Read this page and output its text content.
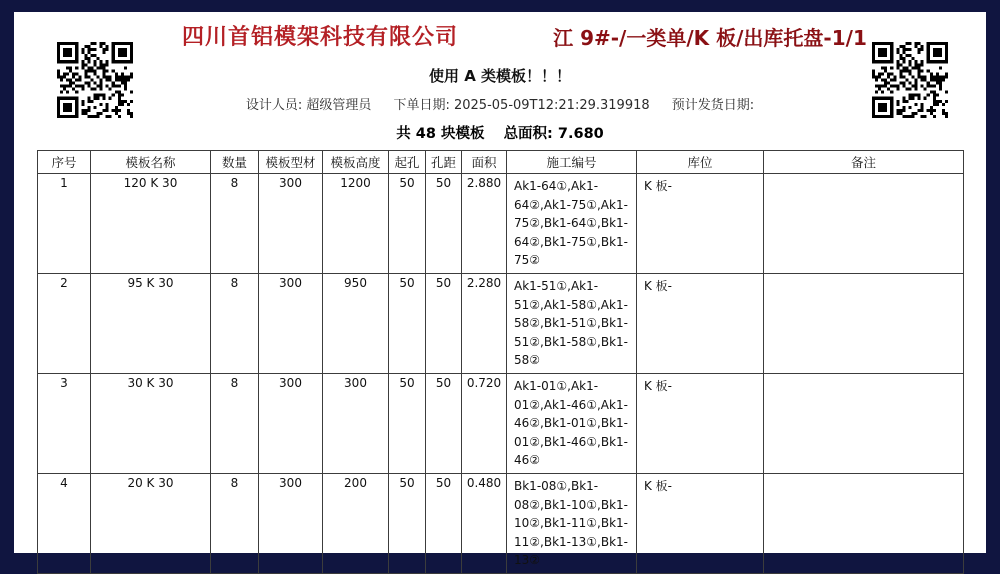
四川首铝模架科技有限公司	江 9#-/一类单/K 板/出库托盘-1/1
使用 A 类模板！！！
设计人员: 超级管理员 下单日期: 2025-05-09T12:21:29.319918 预计发货日期:
共 48 块模板 总面积: 7.680
序号	模板名称	数量	模板型材	模板高度	起孔	孔距	面积	施工编号	库位	备注
1	120 K 30	8	300	1200	50	50	2.880	Ak1-64①,Ak1-64②,Ak1-75①,Ak1-75②,Bk1-64①,Bk1-64②,Bk1-75①,Bk1-75②	K 板-	
2	95 K 30	8	300	950	50	50	2.280	Ak1-51①,Ak1-51②,Ak1-58①,Ak1-58②,Bk1-51①,Bk1-51②,Bk1-58①,Bk1-58②	K 板-	
3	30 K 30	8	300	300	50	50	0.720	Ak1-01①,Ak1-01②,Ak1-46①,Ak1-46②,Bk1-01①,Bk1-01②,Bk1-46①,Bk1-46②	K 板-	
4	20 K 30	8	300	200	50	50	0.480	Bk1-08①,Bk1-08②,Bk1-10①,Bk1-10②,Bk1-11①,Bk1-11②,Bk1-13①,Bk1-13②	K 板-	
